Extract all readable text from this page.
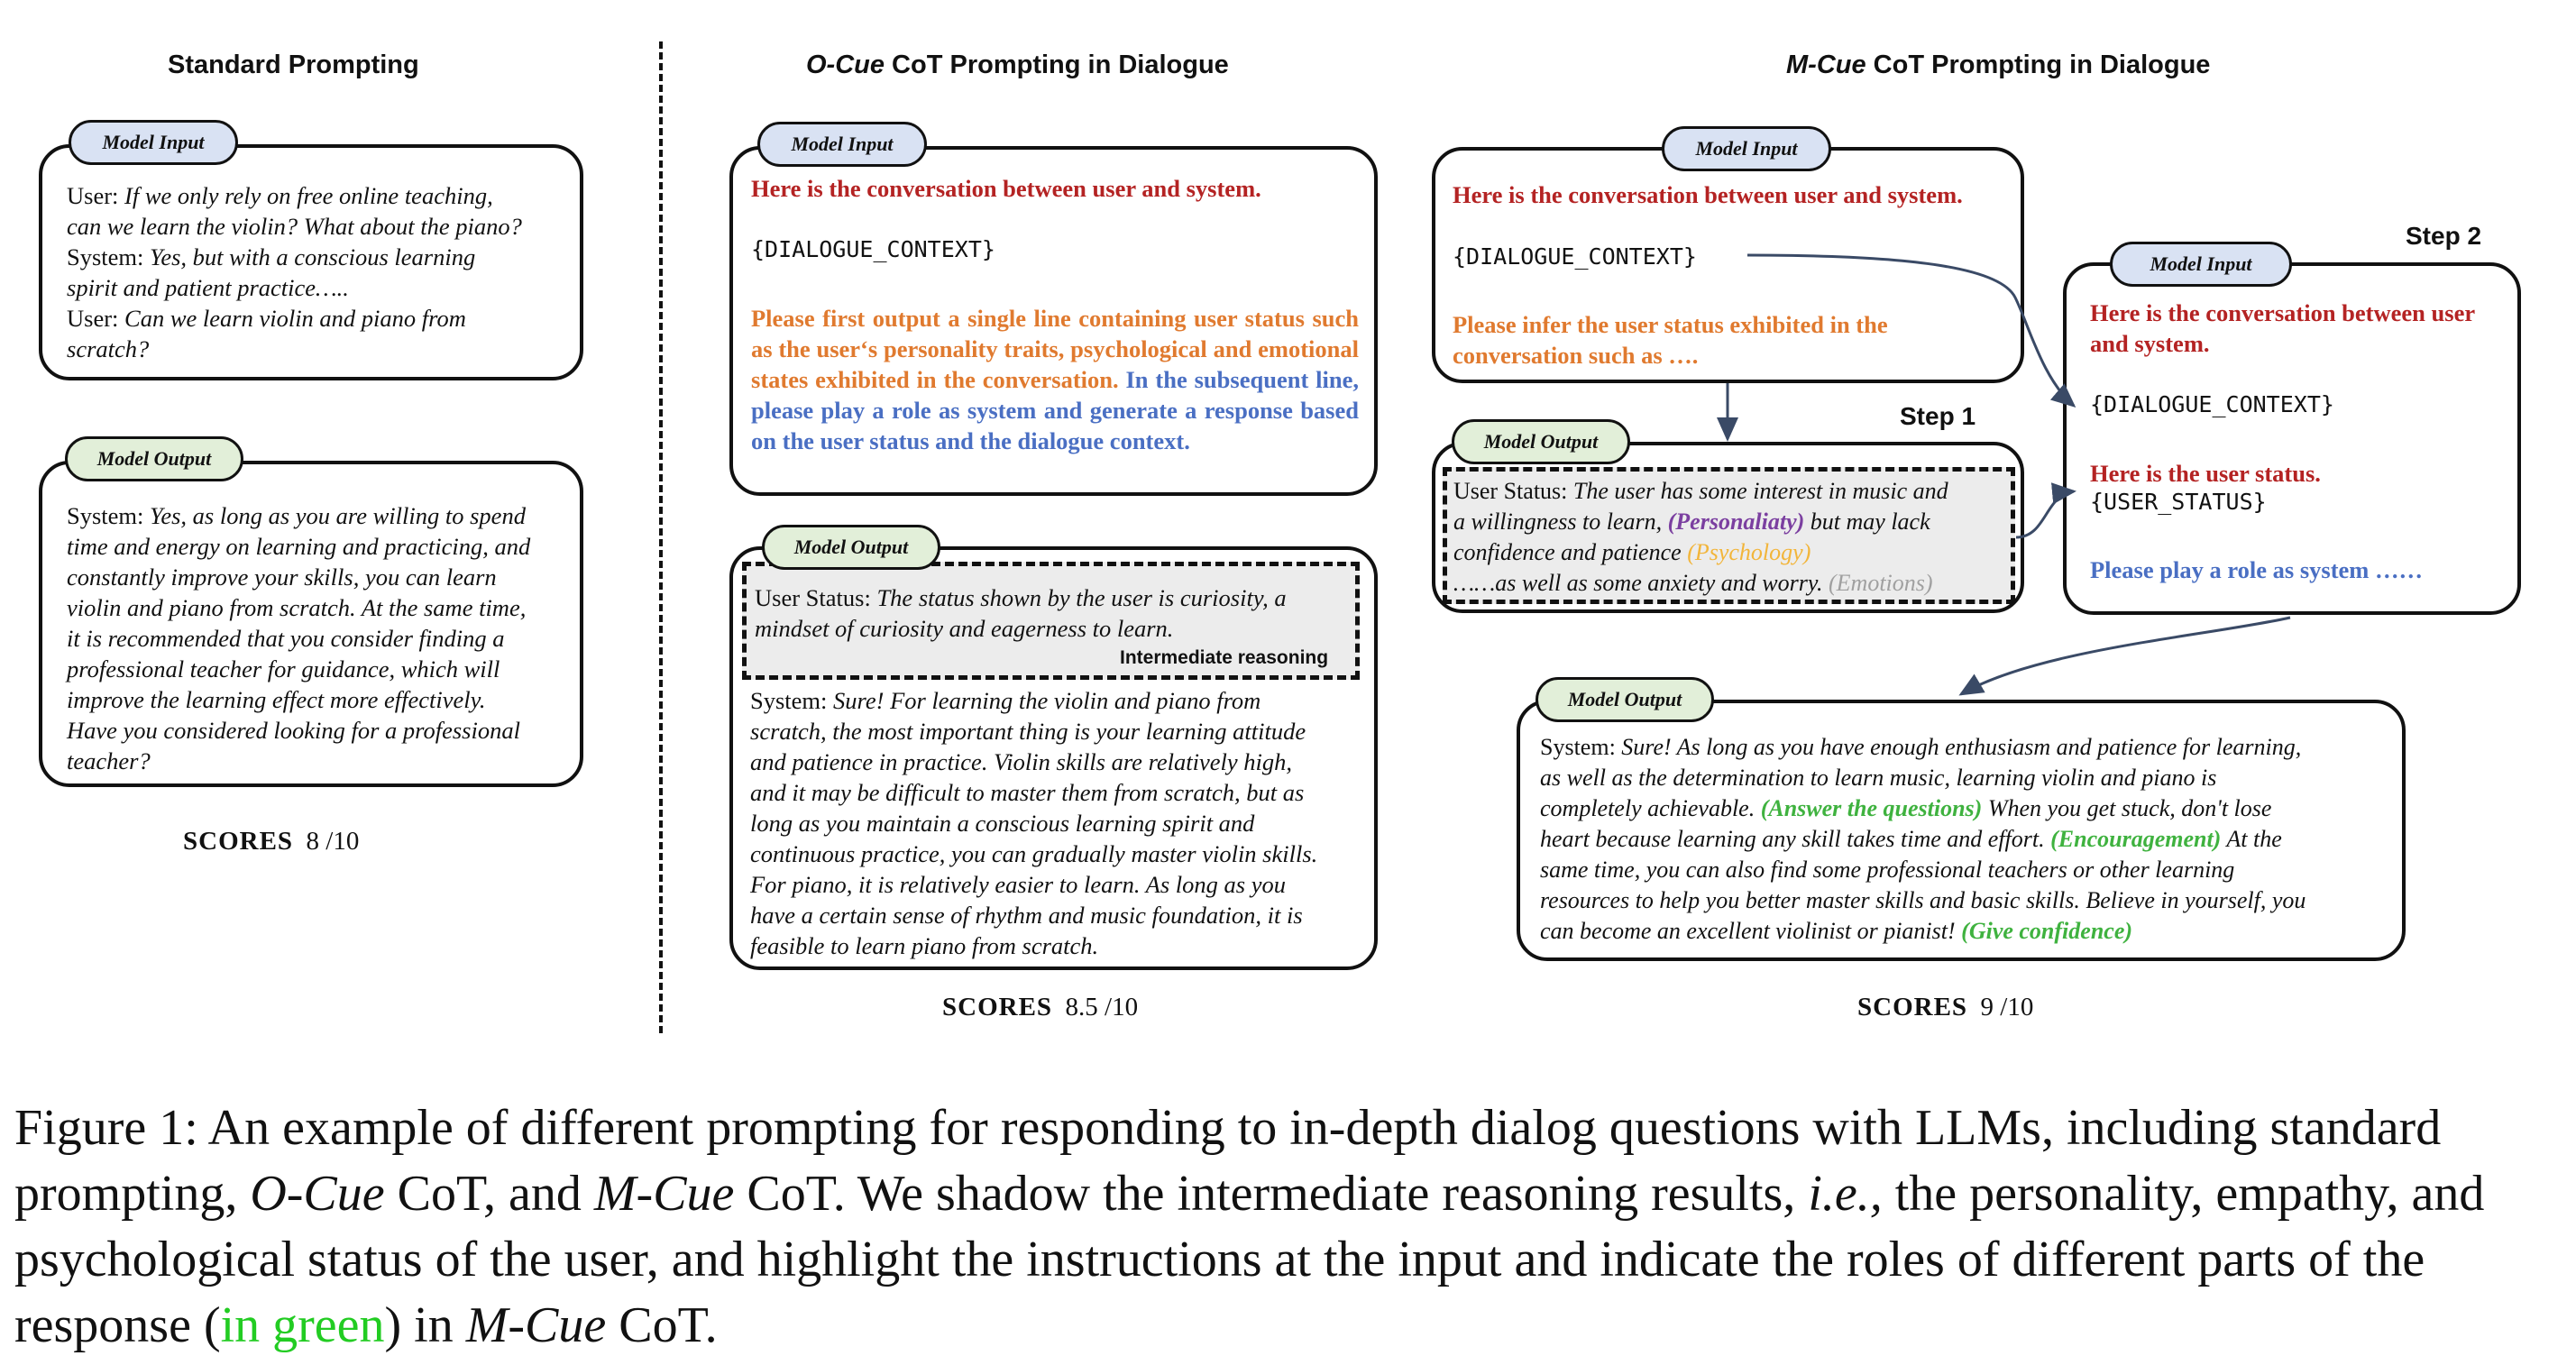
Standard Prompting	O-Cue CoT Prompting in Dialogue	M-Cue CoT Prompting in Dialogue
Model Input
User: If we only rely on free online teaching,
can we learn the violin? What about the piano?
System: Yes, but with a conscious learning
spirit and patient practice…..
User: Can we learn violin and piano from
scratch?
Model Output
System: Yes, as long as you are willing to spend
time and energy on learning and practicing, and
constantly improve your skills, you can learn
violin and piano from scratch. At the same time,
it is recommended that you consider finding a
professional teacher for guidance, which will
improve the learning effect more effectively.
Have you considered looking for a professional
teacher?
SCORES 8 /10
Model Input
Here is the conversation between user and system.
{DIALOGUE_CONTEXT}
Please first output a single line containing user status such as the user‘s personality traits, psychological and emotional states exhibited in the conversation. In the subsequent line, please play a role as system and generate a response based on the user status and the dialogue context.
Model Output
User Status: The status shown by the user is curiosity, a mindset of curiosity and eagerness to learn.
Intermediate reasoning
System: Sure! For learning the violin and piano from
scratch, the most important thing is your learning attitude
and patience in practice. Violin skills are relatively high,
and it may be difficult to master them from scratch, but as
long as you maintain a conscious learning spirit and
continuous practice, you can gradually master violin skills.
For piano, it is relatively easier to learn. As long as you
have a certain sense of rhythm and music foundation, it is
feasible to learn piano from scratch.
SCORES 8.5 /10
Model Input
Here is the conversation between user and system.
{DIALOGUE_CONTEXT}
Please infer the user status exhibited in the
conversation such as ….
Step 1
Model Output
User Status: The user has some interest in music and
a willingness to learn, (Personaliaty) but may lack
confidence and patience (Psychology)
……as well as some anxiety and worry. (Emotions)
Step 2
Model Input
Here is the conversation between user
and system.
{DIALOGUE_CONTEXT}
Here is the user status.
{USER_STATUS}
Please play a role as system ……
Model Output
System: Sure! As long as you have enough enthusiasm and patience for learning,
as well as the determination to learn music, learning violin and piano is
completely achievable. (Answer the questions) When you get stuck, don't lose
heart because learning any skill takes time and effort. (Encouragement) At the
same time, you can also find some professional teachers or other learning
resources to help you better master skills and basic skills. Believe in yourself, you
can become an excellent violinist or pianist! (Give confidence)
SCORES 9 /10
Figure 1: An example of different prompting for responding to in-depth dialog questions with LLMs, including standard prompting, O-Cue CoT, and M-Cue CoT. We shadow the intermediate reasoning results, i.e., the personality, empathy, and psychological status of the user, and highlight the instructions at the input and indicate the roles of different parts of the response (in green) in M-Cue CoT.
